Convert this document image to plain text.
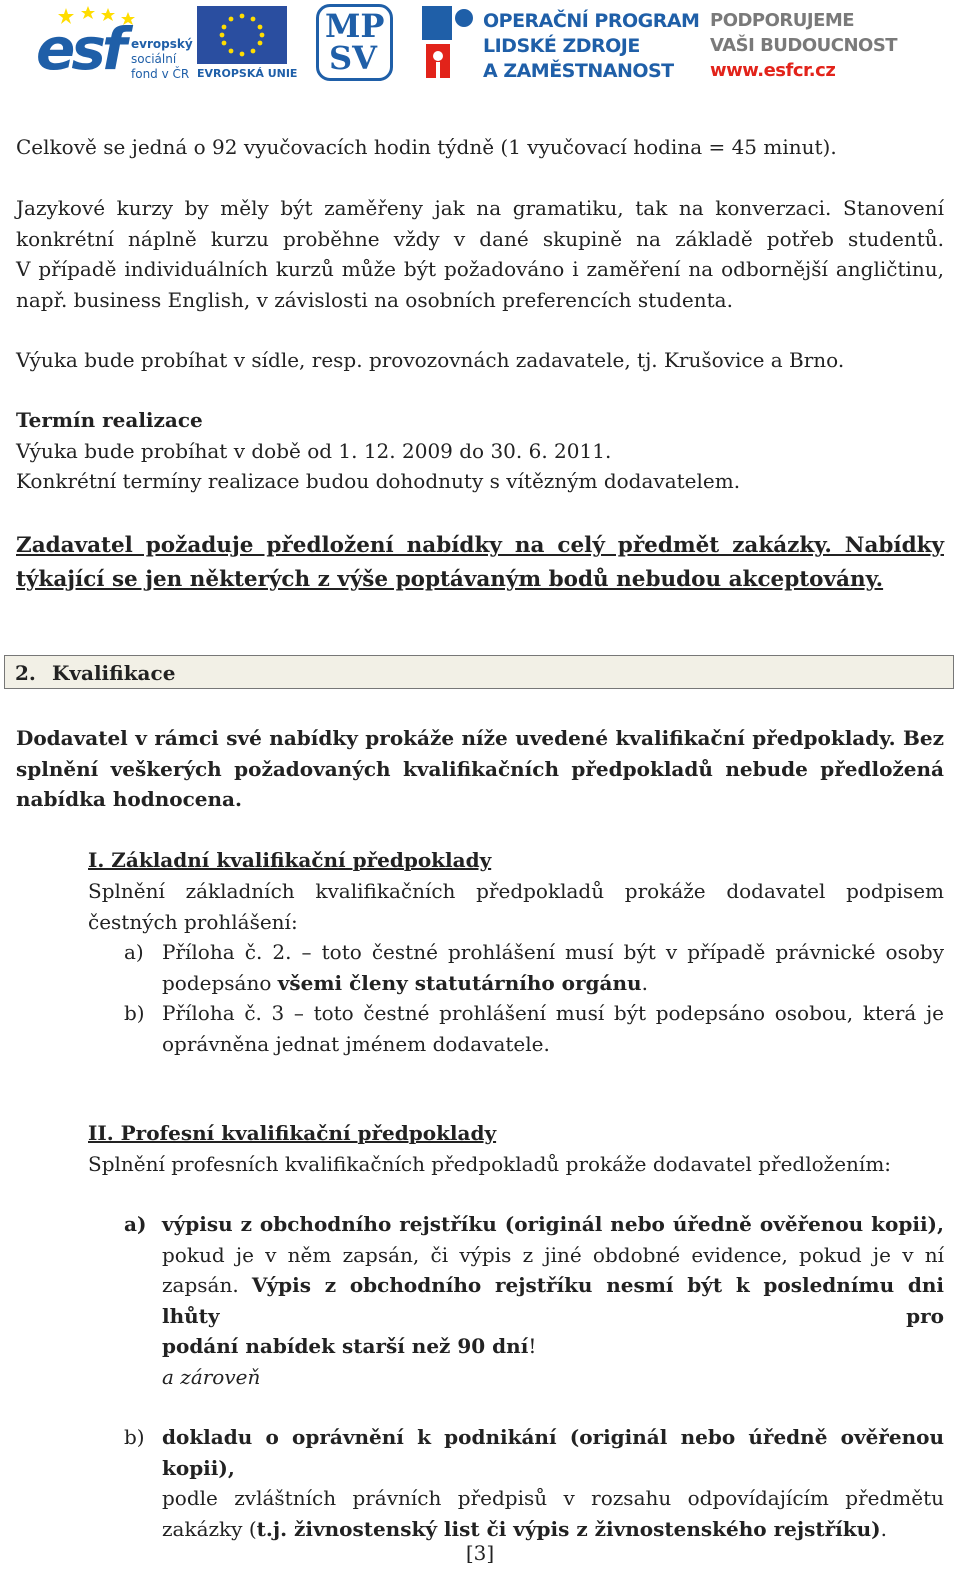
esf evropský
sociální
fond v ČR EVROPSKÁ UNIE
MP
SV
OPERAČNÍ PROGRAM
LIDSKÉ ZDROJE
A ZAMĚSTNANOST
PODPORUJEME
VAŠI BUDOUCNOST
www.esfcr.cz
Celkově se jedná o 92 vyučovacích hodin týdně (1 vyučovací hodina = 45 minut).
Jazykové kurzy by měly být zaměřeny jak na gramatiku, tak na konverzaci. Stanovení
konkrétní náplně kurzu proběhne vždy v dané skupině na základě potřeb studentů.
V případě individuálních kurzů může být požadováno i zaměření na odbornější angličtinu,
např. business English, v závislosti na osobních preferencích studenta.
Výuka bude probíhat v sídle, resp. provozovnách zadavatele, tj. Krušovice a Brno.
Termín realizace
Výuka bude probíhat v době od 1. 12. 2009 do 30. 6. 2011.
Konkrétní termíny realizace budou dohodnuty s vítězným dodavatelem.
Zadavatel požaduje předložení nabídky na celý předmět zakázky. Nabídky
týkající se jen některých z výše poptávaným bodů nebudou akceptovány.
2. Kvalifikace
Dodavatel v rámci své nabídky prokáže níže uvedené kvalifikační předpoklady. Bez
splnění veškerých požadovaných kvalifikačních předpokladů nebude předložená
nabídka hodnocena.
I. Základní kvalifikační předpoklady
Splnění základních kvalifikačních předpokladů prokáže dodavatel podpisem
čestných prohlášení:
a) Příloha č. 2. – toto čestné prohlášení musí být v případě právnické osoby
podepsáno všemi členy statutárního orgánu.
b) Příloha č. 3 – toto čestné prohlášení musí být podepsáno osobou, která je
oprávněna jednat jménem dodavatele.
II. Profesní kvalifikační předpoklady
Splnění profesních kvalifikačních předpokladů prokáže dodavatel předložením:
a) výpisu z obchodního rejstříku (originál nebo úředně ověřenou kopii),
pokud je v něm zapsán, či výpis z jiné obdobné evidence, pokud je v ní
zapsán. Výpis z obchodního rejstříku nesmí být k poslednímu dni lhůty pro
podání nabídek starší než 90 dní!
a zároveň
b) dokladu o oprávnění k podnikání (originál nebo úředně ověřenou kopii),
podle zvláštních právních předpisů v rozsahu odpovídajícím předmětu
zakázky (t.j. živnostenský list či výpis z živnostenského rejstříku).
[3]
